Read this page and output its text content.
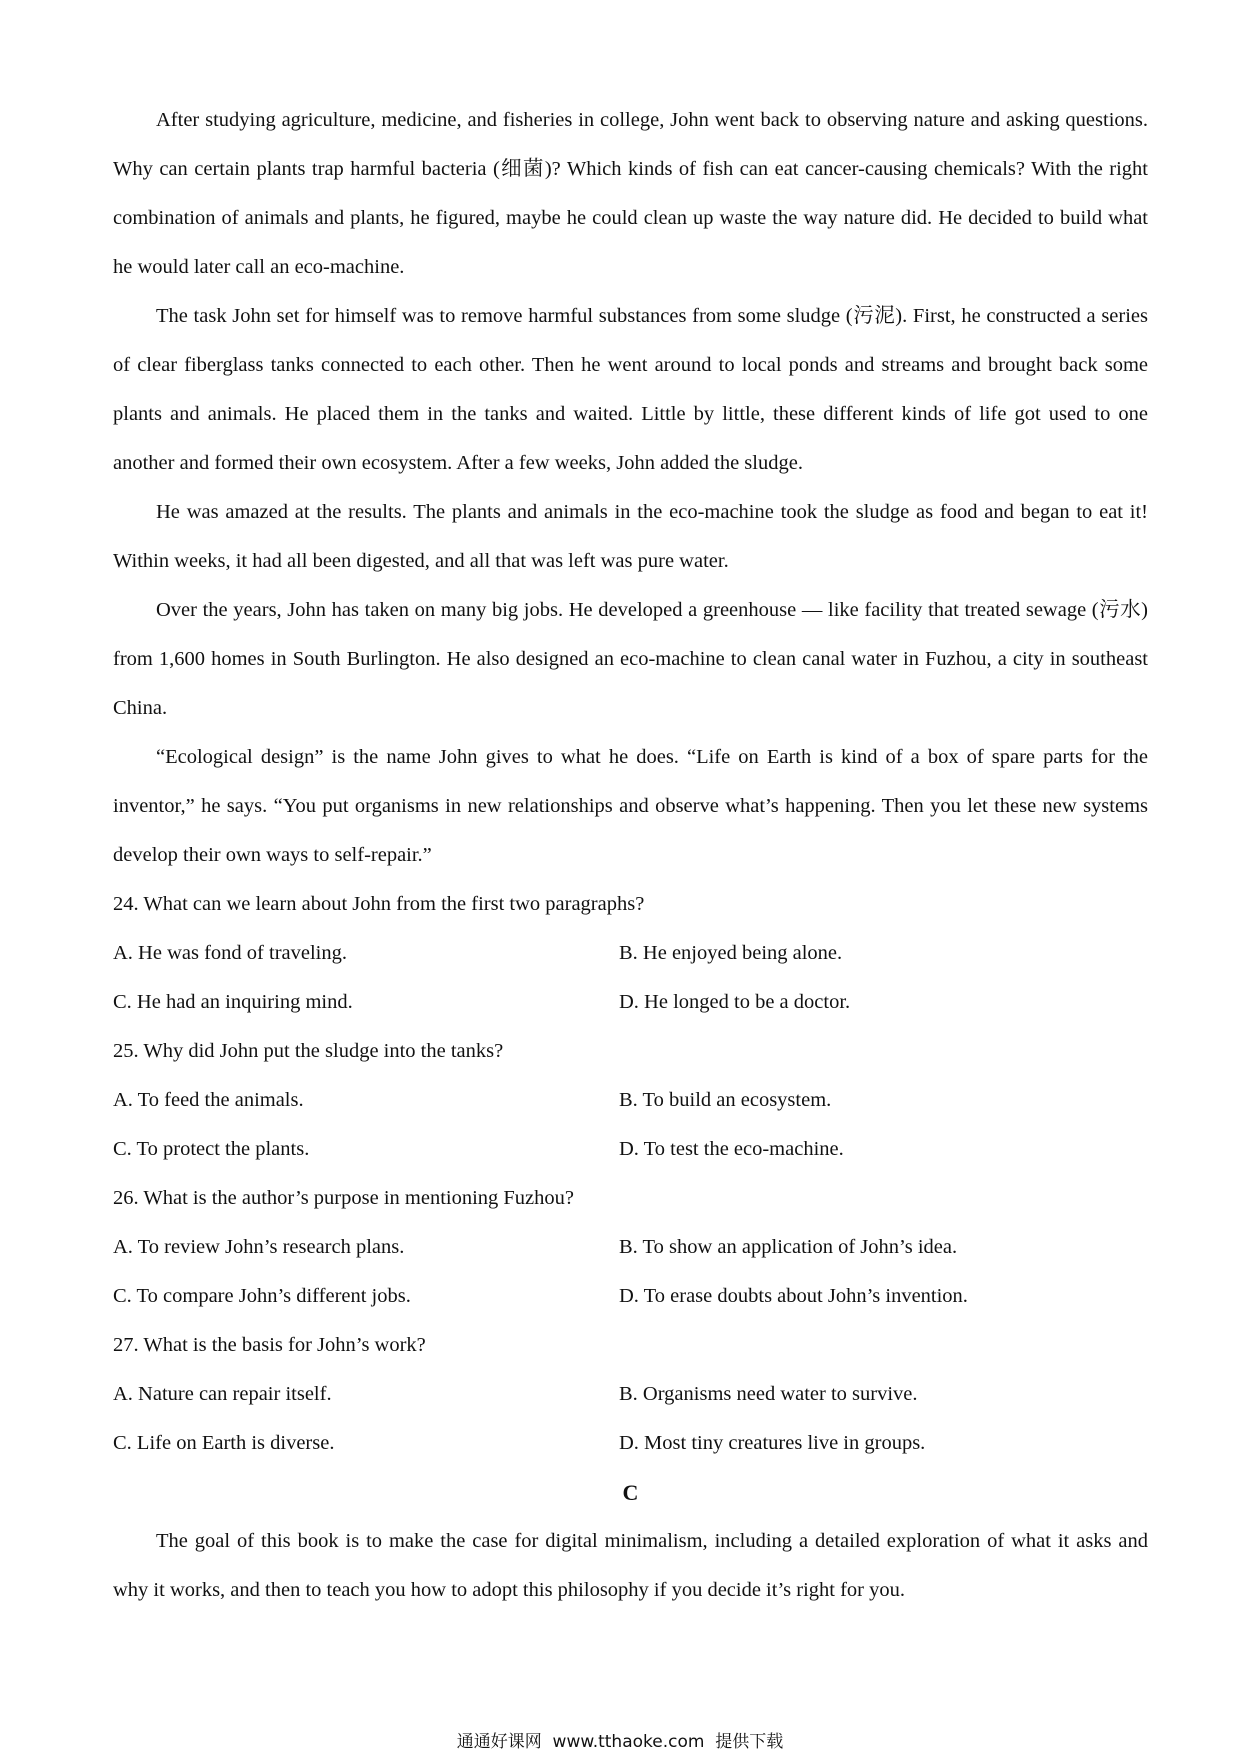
After studying agriculture, medicine, and fisheries in college, John went back to observing nature and asking questions. Why can certain plants trap harmful bacteria (细菌)? Which kinds of fish can eat cancer-causing chemicals? With the right combination of animals and plants, he figured, maybe he could clean up waste the way nature did. He decided to build what he would later call an eco-machine.

The task John set for himself was to remove harmful substances from some sludge (污泥). First, he constructed a series of clear fiberglass tanks connected to each other. Then he went around to local ponds and streams and brought back some plants and animals. He placed them in the tanks and waited. Little by little, these different kinds of life got used to one another and formed their own ecosystem. After a few weeks, John added the sludge.

He was amazed at the results. The plants and animals in the eco-machine took the sludge as food and began to eat it! Within weeks, it had all been digested, and all that was left was pure water.

Over the years, John has taken on many big jobs. He developed a greenhouse — like facility that treated sewage (污水) from 1,600 homes in South Burlington. He also designed an eco-machine to clean canal water in Fuzhou, a city in southeast China.

“Ecological design” is the name John gives to what he does. “Life on Earth is kind of a box of spare parts for the inventor,” he says. “You put organisms in new relationships and observe what’s happening. Then you let these new systems develop their own ways to self-repair.”

24. What can we learn about John from the first two paragraphs?

A. He was fond of traveling.	B. He enjoyed being alone.
C. He had an inquiring mind.	D. He longed to be a doctor.

25. Why did John put the sludge into the tanks?

A. To feed the animals.	B. To build an ecosystem.
C. To protect the plants.	D. To test the eco-machine.

26. What is the author’s purpose in mentioning Fuzhou?

A. To review John’s research plans.	B. To show an application of John’s idea.
C. To compare John’s different jobs.	D. To erase doubts about John’s invention.

27. What is the basis for John’s work?

A. Nature can repair itself.	B. Organisms need water to survive.
C. Life on Earth is diverse.	D. Most tiny creatures live in groups.

C

The goal of this book is to make the case for digital minimalism, including a detailed exploration of what it asks and why it works, and then to teach you how to adopt this philosophy if you decide it’s right for you.

通通好课网  www.tthaoke.com  提供下载
